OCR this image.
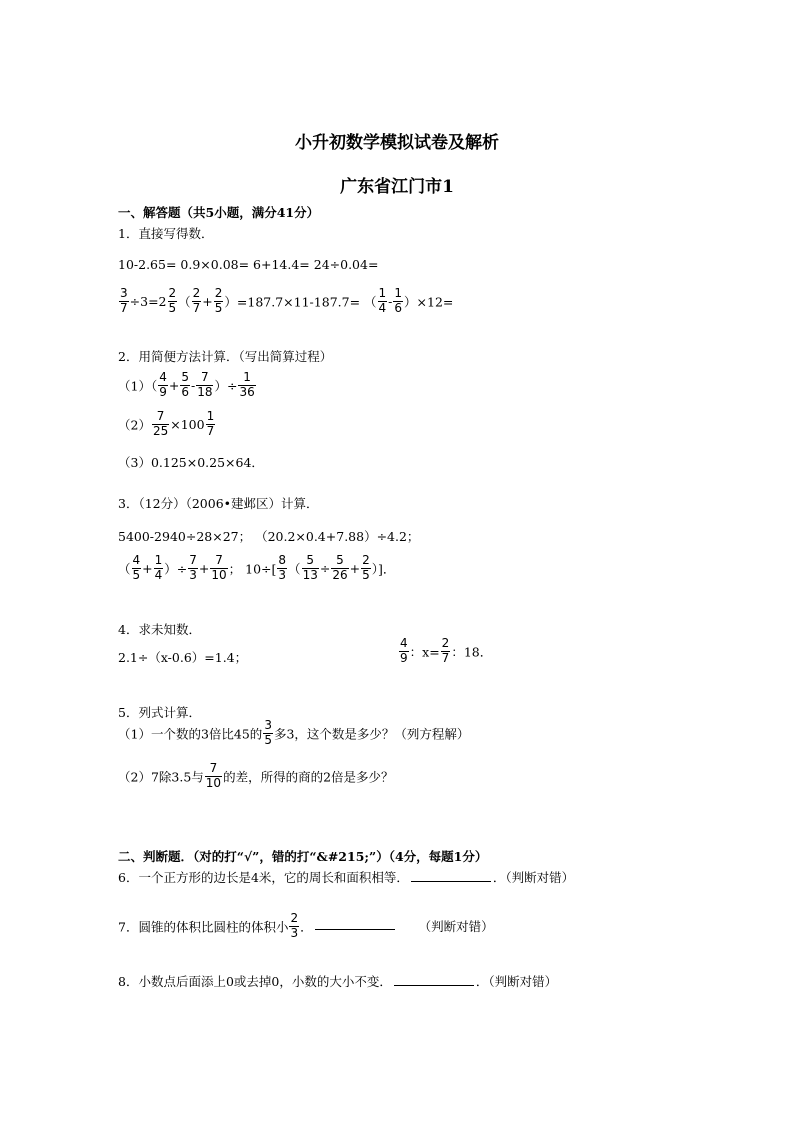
小升初数学模拟试卷及解析
广东省江门市1
一、解答题（共5小题，满分41分）
1．直接写得数．
10-2.65= 0.9×0.08= 6+14.4= 24÷0.04=
$\frac{3}{7} \div 3=2 \frac{2}{5}$ （ $\frac{2}{7} + \frac{2}{5} )=187.7\times 11-187.7=$ （ $\frac{1}{4} - \frac{1}{6} )\times 12=$
2．用简便方法计算．（写出简算过程）
$(1)( \frac{4}{9} + \frac{5}{6} - \frac{7}{18}$ ）÷ $\frac{1}{36}$
$(2) \frac{7}{25} \times 100 \frac{1}{7}$
（3）0.125×0.25×64．
3．（12分）（2006•建邺区）计算．
5400-2940÷28×27； （20.2×0.4+7.88）÷4.2；
（ $\frac{4}{5} + \frac{1}{4}$ ）÷ $\frac{7}{3} + \frac{7}{10}$ ； $10\div[ \frac{8}{3}$ （ $\frac{5}{13} \div \frac{5}{26} + \frac{2}{5}$ ）]．
4．求未知数．
2.1÷（x-0.6）=1.4；	$\frac{4}{9}$ ：$x= \frac{2}{7}$ ：18．
5．列式计算．
（1）一个数的3倍比45的 $\frac{3}{5}$ 多3，这个数是多少？（列方程解）
（2）7除3.5与 $\frac{7}{10}$ 的差，所得的商的2倍是多少？
二、判断题．（对的打“√”，错的打“&#215;”）（4分，每题1分）
6．一个正方形的边长是4米，它的周长和面积相等．	．（判断对错）
7．圆锥的体积比圆柱的体积小 $\frac{2}{3}$ ．	（判断对错）
8．小数点后面添上0或去掉0，小数的大小不变．	．（判断对错）
